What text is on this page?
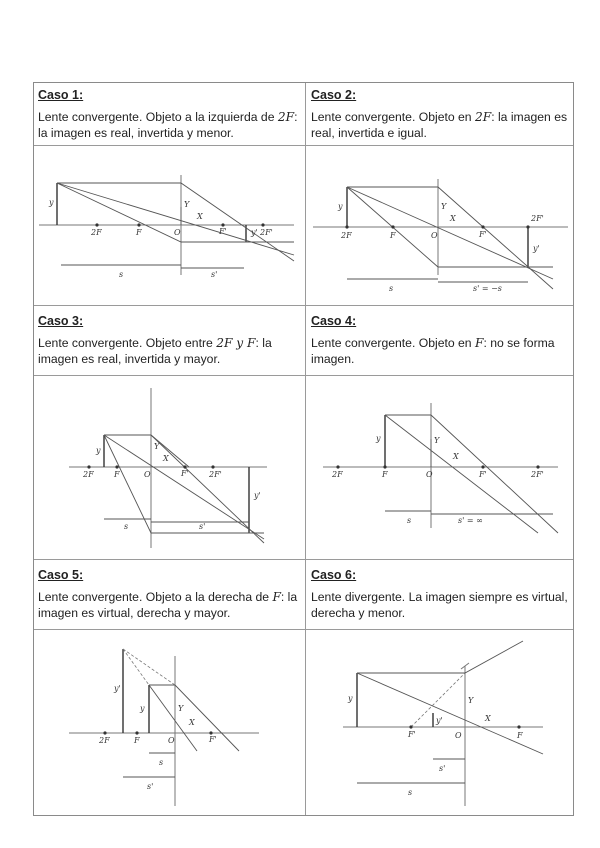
Caso 1:
Lente convergente. Objeto a la izquierda de 2F: la imagen es real, invertida y menor.
Caso 2:
Lente convergente. Objeto en 2F: la imagen es real, invertida e igual.
Caso 3:
Lente convergente. Objeto entre 2F y F: la imagen es real, invertida y mayor.
Caso 4:
Lente convergente. Objeto en F: no se forma imagen.
Caso 5:
Lente convergente. Objeto a la derecha de F: la imagen es virtual, derecha y mayor.
Caso 6:
Lente divergente. La imagen siempre es virtual, derecha y menor.
2F	F	O	F'	2F'
y
y'
Y
X
s	s'
2F	F	O	F'
2F'
y
y'
Y
X
s	s' = −s
2F	F	O	F'	2F'
y
y'
Y
X
s	s'
2F	F	O	F'	2F'
y	Y
X
s	s' = ∞
2F	F	O	F'
y
y'
Y
X
s
s'
F'	O	F
y
y'
Y
X
s'
s
